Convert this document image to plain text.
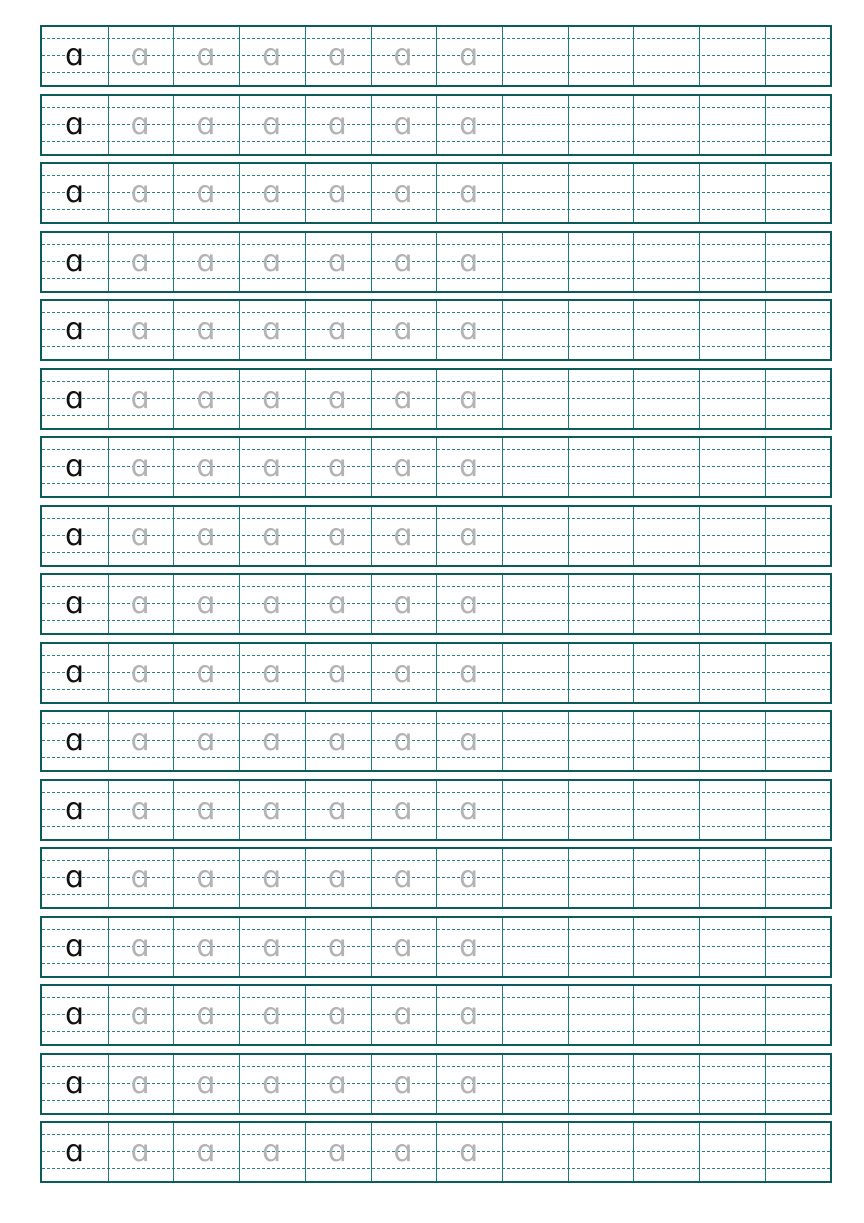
ɑ	ɑ	ɑ	ɑ	ɑ	ɑ	ɑ
ɑ	ɑ	ɑ	ɑ	ɑ	ɑ	ɑ
ɑ	ɑ	ɑ	ɑ	ɑ	ɑ	ɑ
ɑ	ɑ	ɑ	ɑ	ɑ	ɑ	ɑ
ɑ	ɑ	ɑ	ɑ	ɑ	ɑ	ɑ
ɑ	ɑ	ɑ	ɑ	ɑ	ɑ	ɑ
ɑ	ɑ	ɑ	ɑ	ɑ	ɑ	ɑ
ɑ	ɑ	ɑ	ɑ	ɑ	ɑ	ɑ
ɑ	ɑ	ɑ	ɑ	ɑ	ɑ	ɑ
ɑ	ɑ	ɑ	ɑ	ɑ	ɑ	ɑ
ɑ	ɑ	ɑ	ɑ	ɑ	ɑ	ɑ
ɑ	ɑ	ɑ	ɑ	ɑ	ɑ	ɑ
ɑ	ɑ	ɑ	ɑ	ɑ	ɑ	ɑ
ɑ	ɑ	ɑ	ɑ	ɑ	ɑ	ɑ
ɑ	ɑ	ɑ	ɑ	ɑ	ɑ	ɑ
ɑ	ɑ	ɑ	ɑ	ɑ	ɑ	ɑ
ɑ	ɑ	ɑ	ɑ	ɑ	ɑ	ɑ
